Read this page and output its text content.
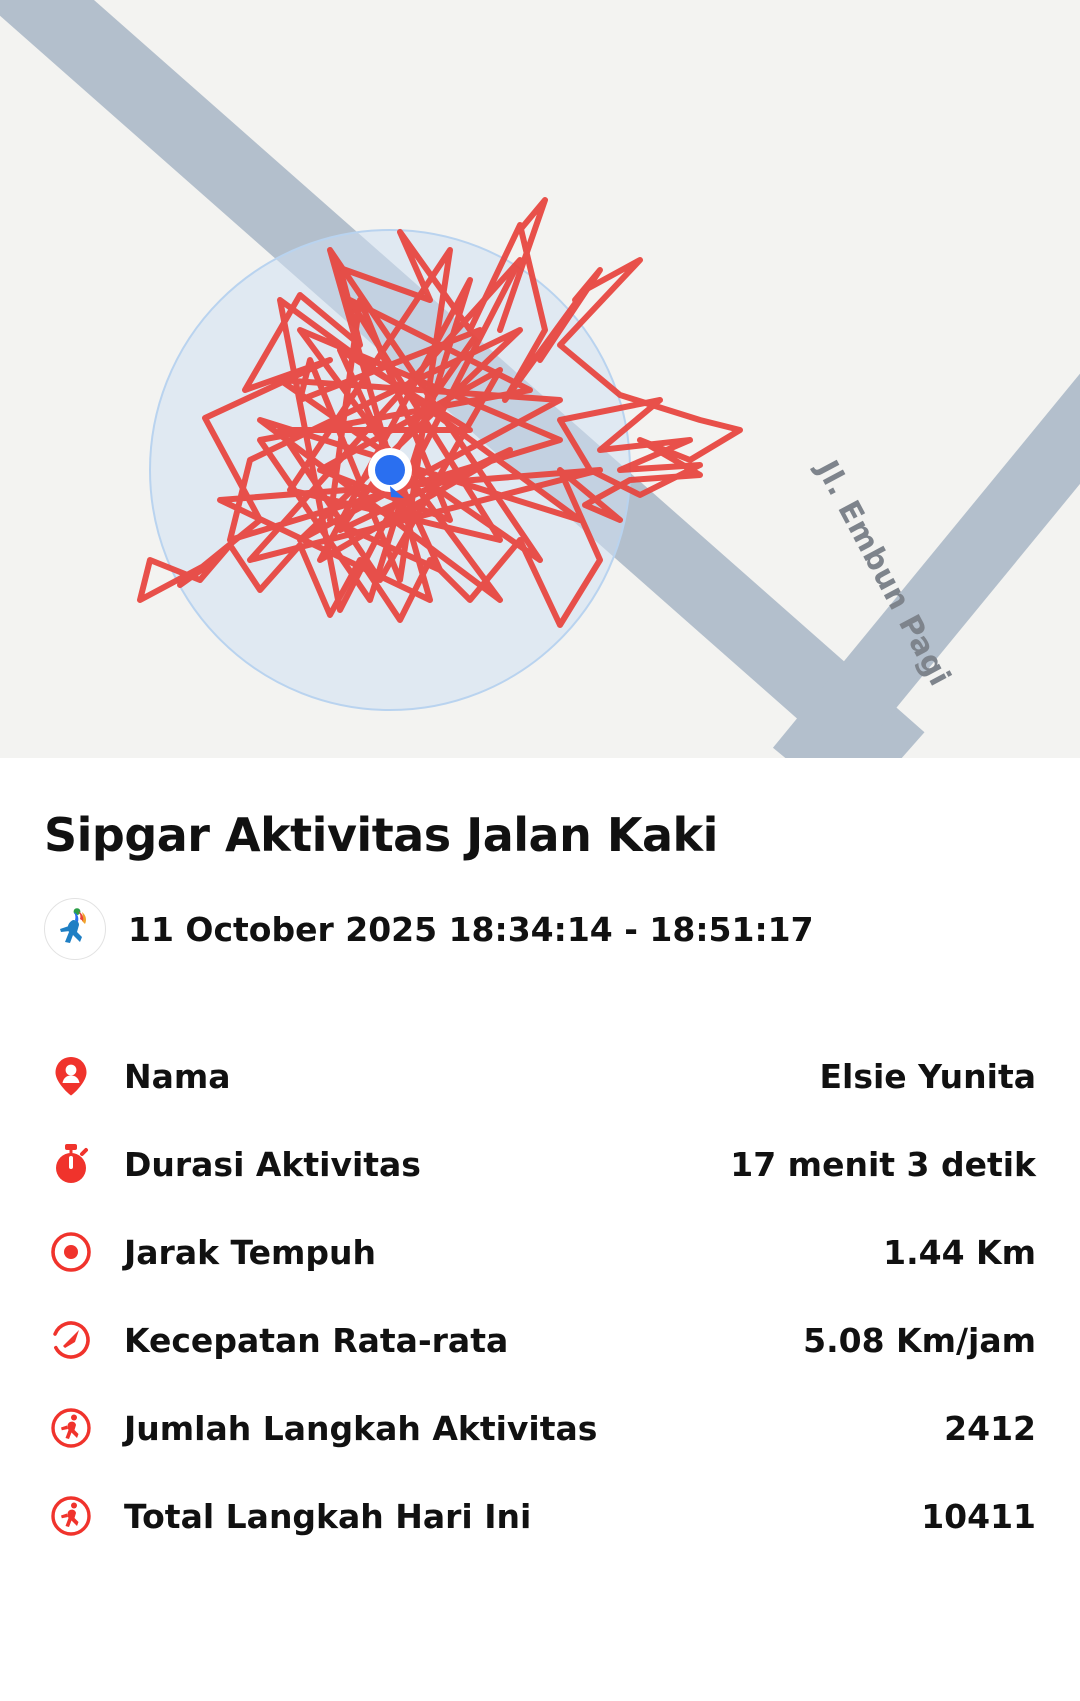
Jl. Embun Pagi
Sipgar Aktivitas Jalan Kaki
11 October 2025 18:34:14 - 18:51:17
Nama	Elsie Yunita
Durasi Aktivitas	17 menit 3 detik
Jarak Tempuh	1.44 Km
Kecepatan Rata-rata	5.08 Km/jam
Jumlah Langkah Aktivitas	2412
Total Langkah Hari Ini	10411
